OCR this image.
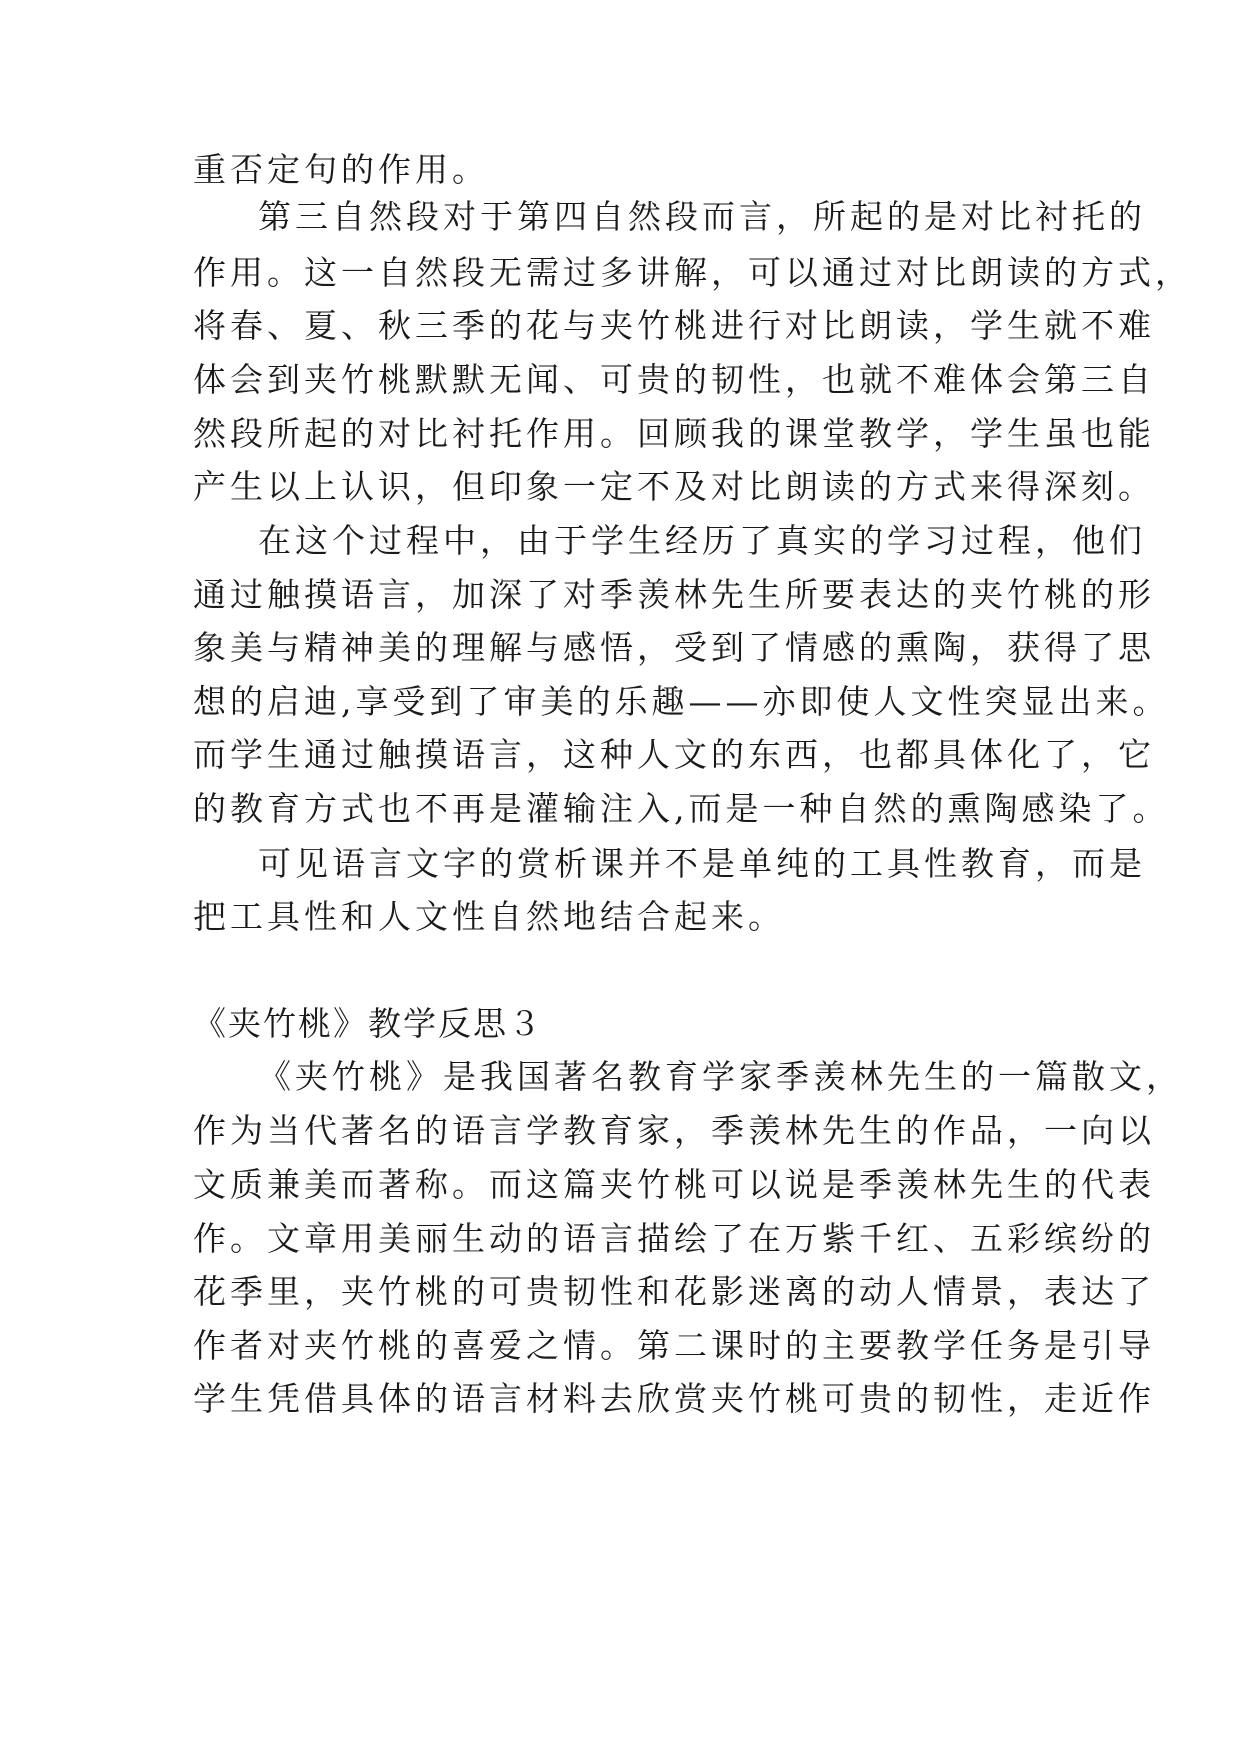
重否定句的作用。
第三自然段对于第四自然段而言，所起的是对比衬托的
作用。这一自然段无需过多讲解，可以通过对比朗读的方式，
将春、夏、秋三季的花与夹竹桃进行对比朗读，学生就不难
体会到夹竹桃默默无闻、可贵的韧性，也就不难体会第三自
然段所起的对比衬托作用。回顾我的课堂教学，学生虽也能
产生以上认识，但印象一定不及对比朗读的方式来得深刻。
在这个过程中，由于学生经历了真实的学习过程，他们
通过触摸语言，加深了对季羡林先生所要表达的夹竹桃的形
象美与精神美的理解与感悟，受到了情感的熏陶，获得了思
想的启迪,享受到了审美的乐趣——亦即使人文性突显出来。
而学生通过触摸语言，这种人文的东西，也都具体化了，它
的教育方式也不再是灌输注入,而是一种自然的熏陶感染了。
可见语言文字的赏析课并不是单纯的工具性教育，而是
把工具性和人文性自然地结合起来。
《夹竹桃》教学反思３
《夹竹桃》是我国著名教育学家季羡林先生的一篇散文，
作为当代著名的语言学教育家，季羡林先生的作品，一向以
文质兼美而著称。而这篇夹竹桃可以说是季羡林先生的代表
作。文章用美丽生动的语言描绘了在万紫千红、五彩缤纷的
花季里，夹竹桃的可贵韧性和花影迷离的动人情景，表达了
作者对夹竹桃的喜爱之情。第二课时的主要教学任务是引导
学生凭借具体的语言材料去欣赏夹竹桃可贵的韧性，走近作
